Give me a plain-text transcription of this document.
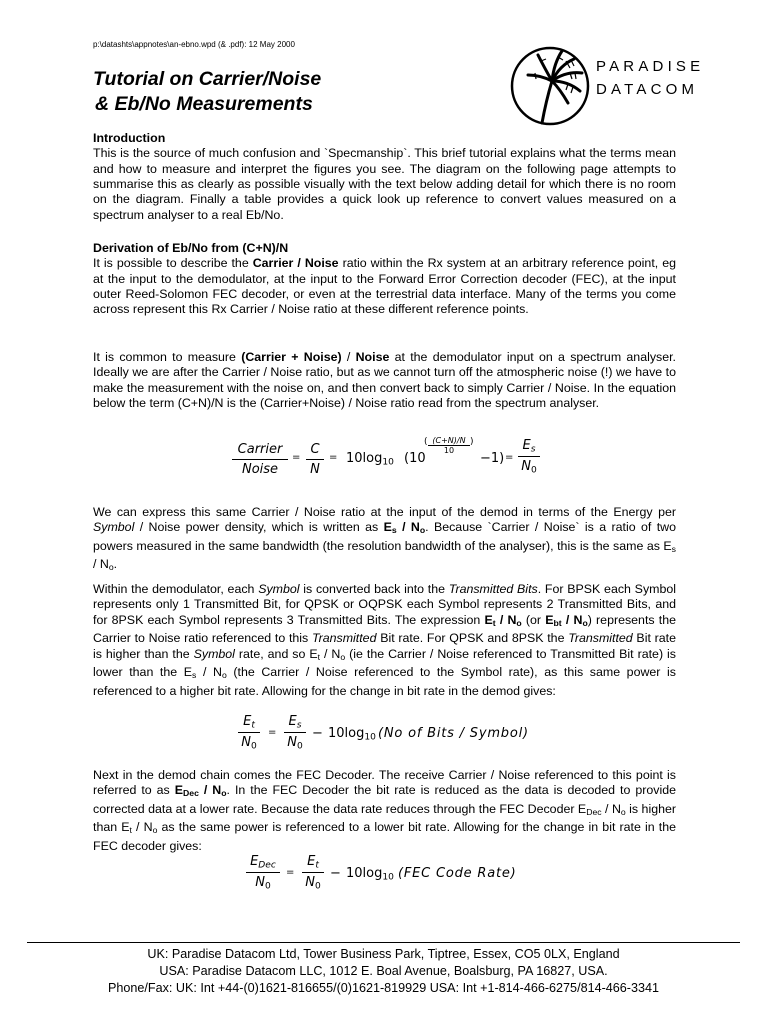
p:\datashts\appnotes\an-ebno.wpd (& .pdf): 12 May 2000
Tutorial on Carrier/Noise
& Eb/No Measurements
PARADISE
DATACOM

Introduction

This is the source of much confusion and `Specmanship`. This brief tutorial explains what the terms mean and how to measure and interpret the figures you see. The diagram on the following page attempts to summarise this as clearly as possible visually with the text below adding detail for which there is no room on the diagram. Finally a table provides a quick look up reference to convert values measured on a spectrum analyser to a real Eb/No.

Derivation of Eb/No from (C+N)/N

It is possible to describe the Carrier / Noise ratio within the Rx system at an arbitrary reference point, eg at the input to the demodulator, at the input to the Forward Error Correction decoder (FEC), at the input outer Reed-Solomon FEC decoder, or even at the terrestrial data interface. Many of the terms you come across represent this Rx Carrier / Noise ratio at these different reference points.

It is common to measure (Carrier + Noise) / Noise at the demodulator input on a spectrum analyser. Ideally we are after the Carrier / Noise ratio, but as we cannot turn off the atmospheric noise (!) we have to make the measurement with the noise on, and then convert back to simply Carrier / Noise. In the equation below the term (C+N)/N is the (Carrier+Noise) / Noise ratio read from the spectrum analyser.

Carrier
Noise
= $\frac{C}{N} = 10\log_{10}$ (10
( $\frac{(C+N)/N}{10}$ )
$-1) = \frac{E_s}{N_0}$

We can express this same Carrier / Noise ratio at the input of the demod in terms of the Energy per Symbol / Noise power density, which is written as $E_s / N_o$. Because `Carrier / Noise` is a ratio of two powers measured in the same bandwidth (the resolution bandwidth of the analyser), this is the same as $E_s / N_o$.

Within the demodulator, each Symbol is converted back into the Transmitted Bits. For BPSK each Symbol represents only 1 Transmitted Bit, for QPSK or OQPSK each Symbol represents 2 Transmitted Bits, and for 8PSK each Symbol represents 3 Transmitted Bits. The expression $E_t / N_o$ (or $E_{bt} / N_o$) represents the Carrier to Noise ratio referenced to this Transmitted Bit rate. For QPSK and 8PSK the Transmitted Bit rate is higher than the Symbol rate, and so $E_t / N_o$ (ie the Carrier / Noise referenced to Transmitted Bit rate) is lower than the $E_s / N_o$ (the Carrier / Noise referenced to the Symbol rate), as this same power is referenced to a higher bit rate. Allowing for the change in bit rate in the demod gives:

$\frac{E_t}{N_0} = \frac{E_s}{N_0} - 10\log_{10}$ (No of Bits / Symbol)

Next in the demod chain comes the FEC Decoder. The receive Carrier / Noise referenced to this point is referred to as $E_{Dec} / N_o$. In the FEC Decoder the bit rate is reduced as the data is decoded to provide corrected data at a lower rate. Because the data rate reduces through the FEC Decoder $E_{Dec} / N_o$ is higher than $E_t / N_o$ as the same power is referenced to a lower bit rate. Allowing for the change in bit rate in the FEC decoder gives:

$E_{Dec}$
$N_0$
= $\frac{E_t}{N_0} - 10\log_{10}$ (FEC Code Rate)
UK: Paradise Datacom Ltd, Tower Business Park, Tiptree, Essex, CO5 0LX, England
USA: Paradise Datacom LLC, 1012 E. Boal Avenue, Boalsburg, PA 16827, USA.
Phone/Fax: UK: Int +44-(0)1621-816655/(0)1621-819929 USA: Int +1-814-466-6275/814-466-3341
